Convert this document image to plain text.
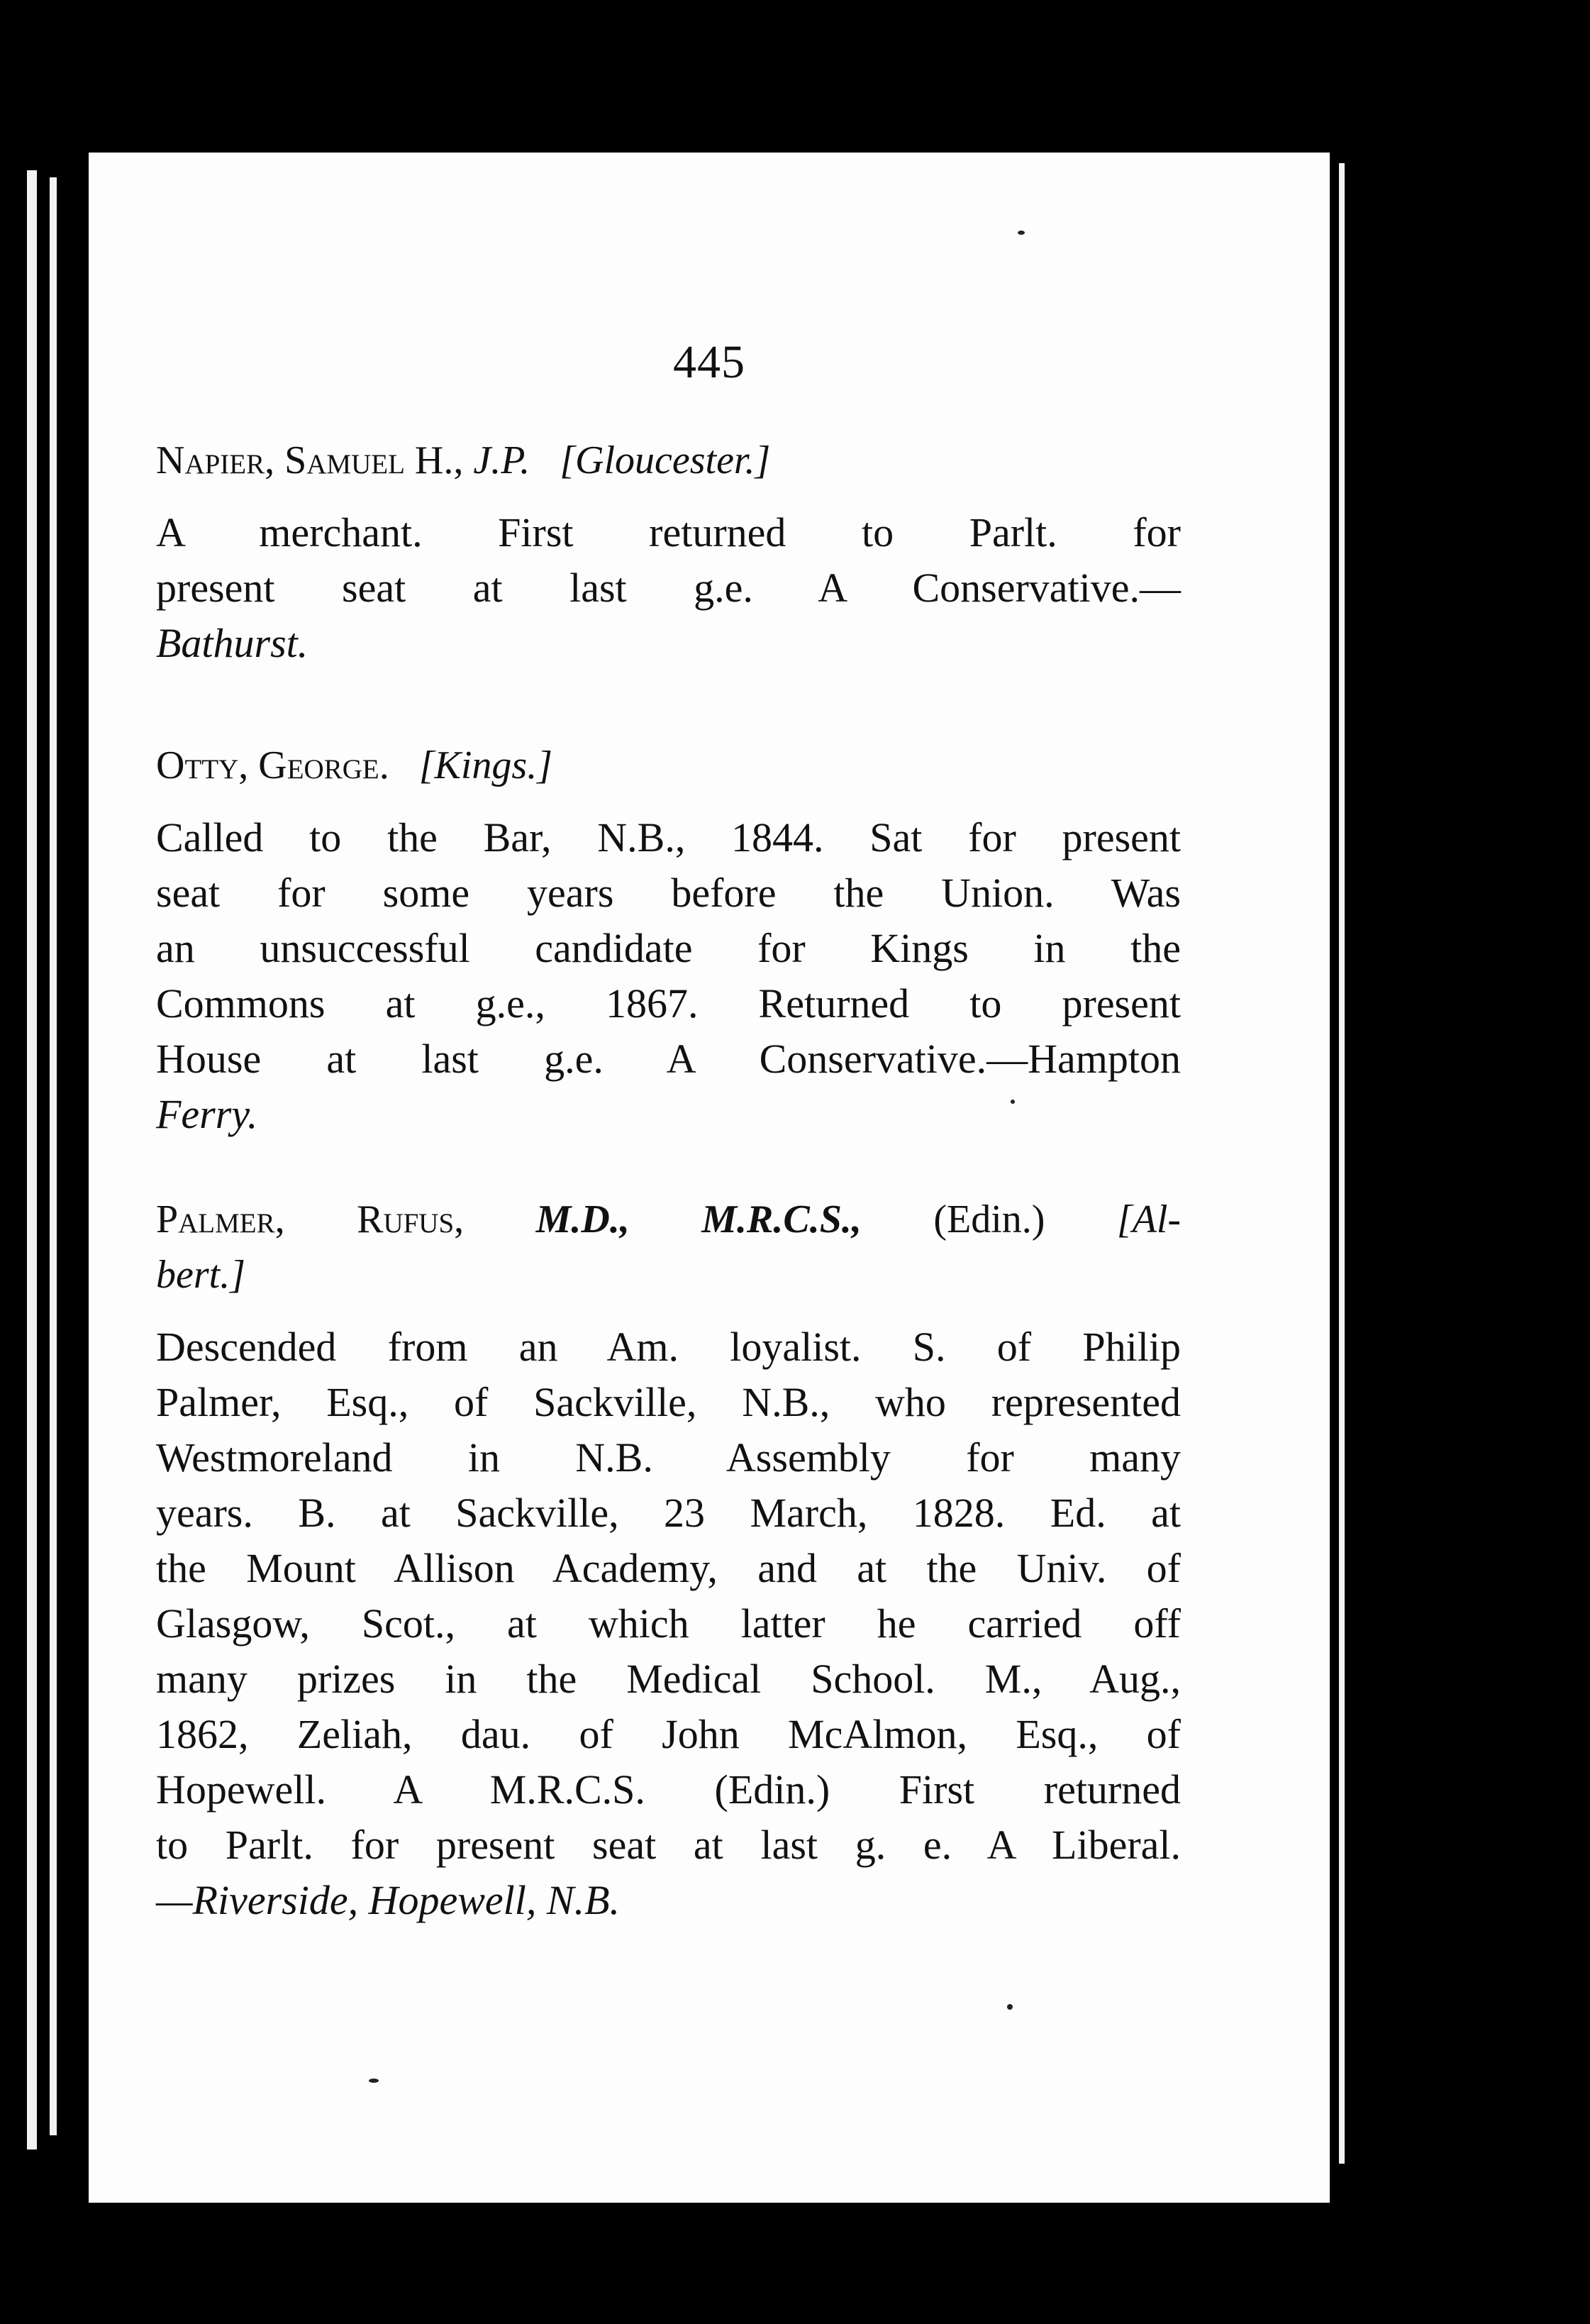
445

Napier, Samuel H., J.P. [Gloucester.]

A merchant. First returned to Parlt. for
present seat at last g.e. A Conservative.—
Bathurst.

Otty, George. [Kings.]

Called to the Bar, N.B., 1844. Sat for present
seat for some years before the Union. Was
an unsuccessful candidate for Kings in the
Commons at g.e., 1867. Returned to present
House at last g.e. A Conservative.—Hampton
Ferry.

Palmer, Rufus, M.D., M.R.C.S., (Edin.) [Al-

bert.]

Descended from an Am. loyalist. S. of Philip
Palmer, Esq., of Sackville, N.B., who represented
Westmoreland in N.B. Assembly for many
years. B. at Sackville, 23 March, 1828. Ed. at
the Mount Allison Academy, and at the Univ. of
Glasgow, Scot., at which latter he carried off
many prizes in the Medical School. M., Aug.,
1862, Zeliah, dau. of John McAlmon, Esq., of
Hopewell. A M.R.C.S. (Edin.) First returned
to Parlt. for present seat at last g. e. A Liberal.
—Riverside, Hopewell, N.B.
